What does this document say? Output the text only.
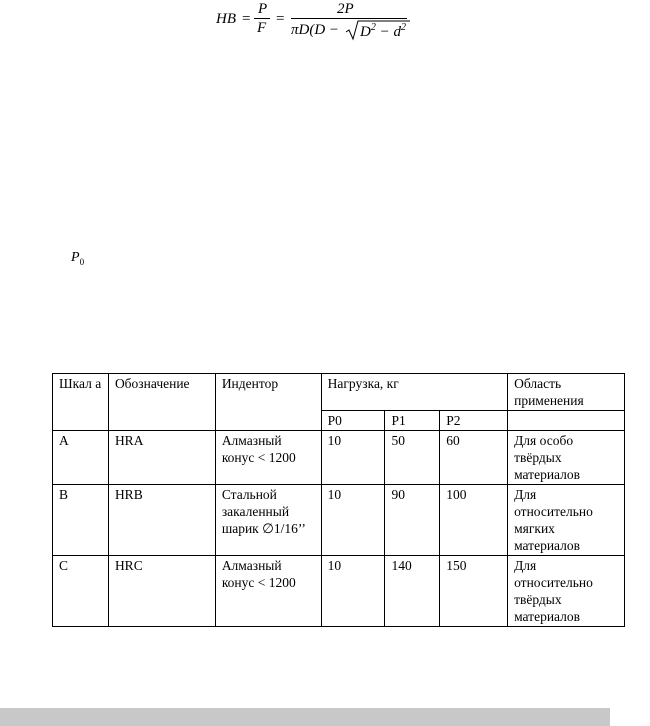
HB =
P
F
=
2P
$\pi D(D - D^2 - d^2$
$P_0$
Шкал а	Обозначение	Индентор	Нагрузка, кг			Область применения
			P0	P1	P2	
A	HRA	Алмазный конус < 1200	10	50	60	Для особо твёрдых материалов
B	HRB	Стальной закаленный шарик ∅1/16’’	10	90	100	Для относительно мягких материалов
C	HRC	Алмазный конус < 1200	10	140	150	Для относительно твёрдых материалов
